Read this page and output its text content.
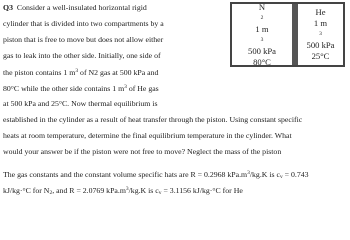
Q3 Consider a well-insulated horizontal rigid

cylinder that is divided into two compartments by a

piston that is free to move but does not allow either

gas to leak into the other side. Initially, one side of

the piston contains 1 $m^3$ of N2 gas at 500 kPa and

80°C while the other side contains 1 $m^3$ of He gas

at 500 kPa and 25°C. Now thermal equilibrium is

established in the cylinder as a result of heat transfer through the piston. Using constant specific

heats at room temperature, determine the final equilibrium temperature in the cylinder. What

would your answer be if the piston were not free to move? Neglect the mass of the piston

The gas constants and the constant volume specific hats are R = 0.2968 $kPa.m^3/kg.K$ is cv = 0.743

kJ/kg·°C for N2, and R = 2.0769 $kPa.m^3/kg.K$ is cv = 3.1156 kJ/kg·°C for He

N
2
1 m
3
500 kPa
80°C
He
1 m
3
500 kPa
25°C
